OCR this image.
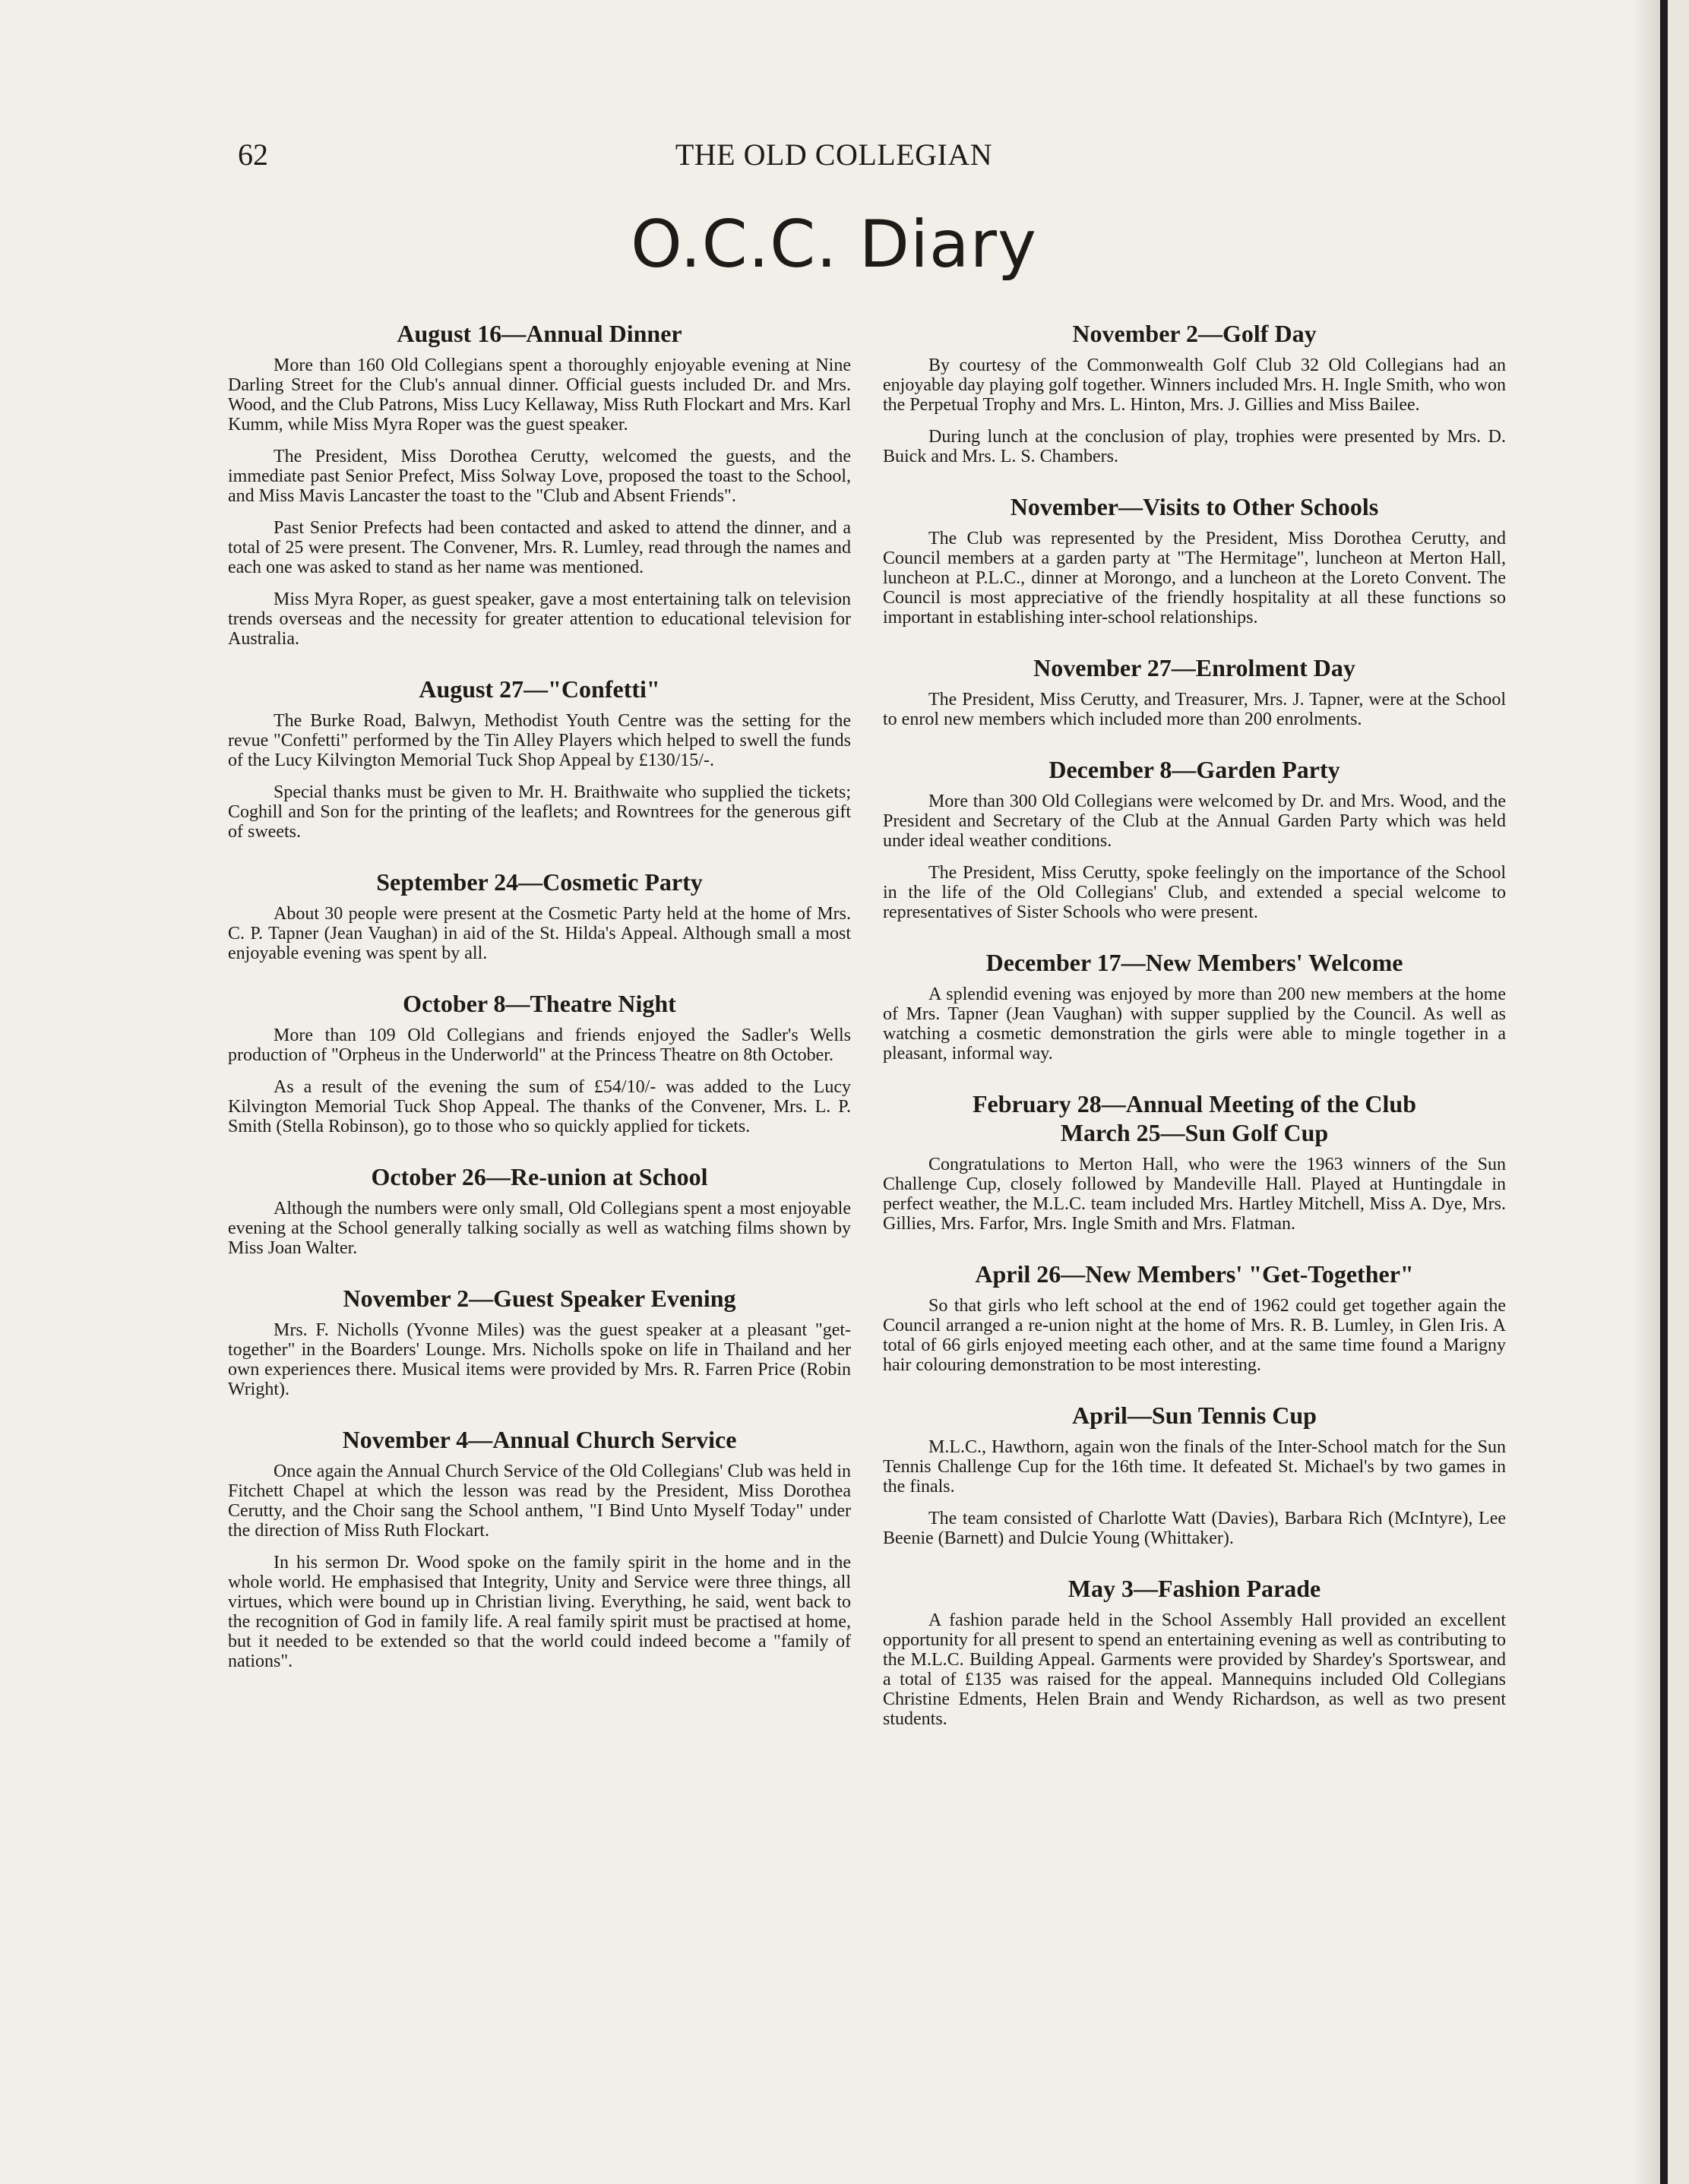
62	THE OLD COLLEGIAN
O.C.C. Diary
August 16—Annual Dinner

More than 160 Old Collegians spent a thoroughly enjoyable evening at Nine Darling Street for the Club's annual dinner. Official guests included Dr. and Mrs. Wood, and the Club Patrons, Miss Lucy Kellaway, Miss Ruth Flockart and Mrs. Karl Kumm, while Miss Myra Roper was the guest speaker.

The President, Miss Dorothea Cerutty, welcomed the guests, and the immediate past Senior Prefect, Miss Solway Love, proposed the toast to the School, and Miss Mavis Lancaster the toast to the "Club and Absent Friends".

Past Senior Prefects had been contacted and asked to attend the dinner, and a total of 25 were present. The Convener, Mrs. R. Lumley, read through the names and each one was asked to stand as her name was mentioned.

Miss Myra Roper, as guest speaker, gave a most entertaining talk on television trends overseas and the necessity for greater attention to educational television for Australia.

August 27—"Confetti"

The Burke Road, Balwyn, Methodist Youth Centre was the setting for the revue "Confetti" performed by the Tin Alley Players which helped to swell the funds of the Lucy Kilvington Memorial Tuck Shop Appeal by £130/15/-.

Special thanks must be given to Mr. H. Braithwaite who supplied the tickets; Coghill and Son for the printing of the leaflets; and Rowntrees for the generous gift of sweets.

September 24—Cosmetic Party

About 30 people were present at the Cosmetic Party held at the home of Mrs. C. P. Tapner (Jean Vaughan) in aid of the St. Hilda's Appeal. Although small a most enjoyable evening was spent by all.

October 8—Theatre Night

More than 109 Old Collegians and friends enjoyed the Sadler's Wells production of "Orpheus in the Underworld" at the Princess Theatre on 8th October.

As a result of the evening the sum of £54/10/- was added to the Lucy Kilvington Memorial Tuck Shop Appeal. The thanks of the Convener, Mrs. L. P. Smith (Stella Robinson), go to those who so quickly applied for tickets.

October 26—Re-union at School

Although the numbers were only small, Old Collegians spent a most enjoyable evening at the School generally talking socially as well as watching films shown by Miss Joan Walter.

November 2—Guest Speaker Evening

Mrs. F. Nicholls (Yvonne Miles) was the guest speaker at a pleasant "get-together" in the Boarders' Lounge. Mrs. Nicholls spoke on life in Thailand and her own experiences there. Musical items were provided by Mrs. R. Farren Price (Robin Wright).

November 4—Annual Church Service

Once again the Annual Church Service of the Old Collegians' Club was held in Fitchett Chapel at which the lesson was read by the President, Miss Dorothea Cerutty, and the Choir sang the School anthem, "I Bind Unto Myself Today" under the direction of Miss Ruth Flockart.

In his sermon Dr. Wood spoke on the family spirit in the home and in the whole world. He emphasised that Integrity, Unity and Service were three things, all virtues, which were bound up in Christian living. Everything, he said, went back to the recognition of God in family life. A real family spirit must be practised at home, but it needed to be extended so that the world could indeed become a "family of nations".

November 2—Golf Day

By courtesy of the Commonwealth Golf Club 32 Old Collegians had an enjoyable day playing golf together. Winners included Mrs. H. Ingle Smith, who won the Perpetual Trophy and Mrs. L. Hinton, Mrs. J. Gillies and Miss Bailee.

During lunch at the conclusion of play, trophies were presented by Mrs. D. Buick and Mrs. L. S. Chambers.

November—Visits to Other Schools

The Club was represented by the President, Miss Dorothea Cerutty, and Council members at a garden party at "The Hermitage", luncheon at Merton Hall, luncheon at P.L.C., dinner at Morongo, and a luncheon at the Loreto Convent. The Council is most appreciative of the friendly hospitality at all these functions so important in establishing inter-school relationships.

November 27—Enrolment Day

The President, Miss Cerutty, and Treasurer, Mrs. J. Tapner, were at the School to enrol new members which included more than 200 enrolments.

December 8—Garden Party

More than 300 Old Collegians were welcomed by Dr. and Mrs. Wood, and the President and Secretary of the Club at the Annual Garden Party which was held under ideal weather conditions.

The President, Miss Cerutty, spoke feelingly on the importance of the School in the life of the Old Collegians' Club, and extended a special welcome to representatives of Sister Schools who were present.

December 17—New Members' Welcome

A splendid evening was enjoyed by more than 200 new members at the home of Mrs. Tapner (Jean Vaughan) with supper supplied by the Council. As well as watching a cosmetic demonstration the girls were able to mingle together in a pleasant, informal way.

February 28—Annual Meeting of the Club
March 25—Sun Golf Cup

Congratulations to Merton Hall, who were the 1963 winners of the Sun Challenge Cup, closely followed by Mandeville Hall. Played at Huntingdale in perfect weather, the M.L.C. team included Mrs. Hartley Mitchell, Miss A. Dye, Mrs. Gillies, Mrs. Farfor, Mrs. Ingle Smith and Mrs. Flatman.

April 26—New Members' "Get-Together"

So that girls who left school at the end of 1962 could get together again the Council arranged a re-union night at the home of Mrs. R. B. Lumley, in Glen Iris. A total of 66 girls enjoyed meeting each other, and at the same time found a Marigny hair colouring demonstration to be most interesting.

April—Sun Tennis Cup

M.L.C., Hawthorn, again won the finals of the Inter-School match for the Sun Tennis Challenge Cup for the 16th time. It defeated St. Michael's by two games in the finals.

The team consisted of Charlotte Watt (Davies), Barbara Rich (McIntyre), Lee Beenie (Barnett) and Dulcie Young (Whittaker).

May 3—Fashion Parade

A fashion parade held in the School Assembly Hall provided an excellent opportunity for all present to spend an entertaining evening as well as contributing to the M.L.C. Building Appeal. Garments were provided by Shardey's Sportswear, and a total of £135 was raised for the appeal. Mannequins included Old Collegians Christine Edments, Helen Brain and Wendy Richardson, as well as two present students.
